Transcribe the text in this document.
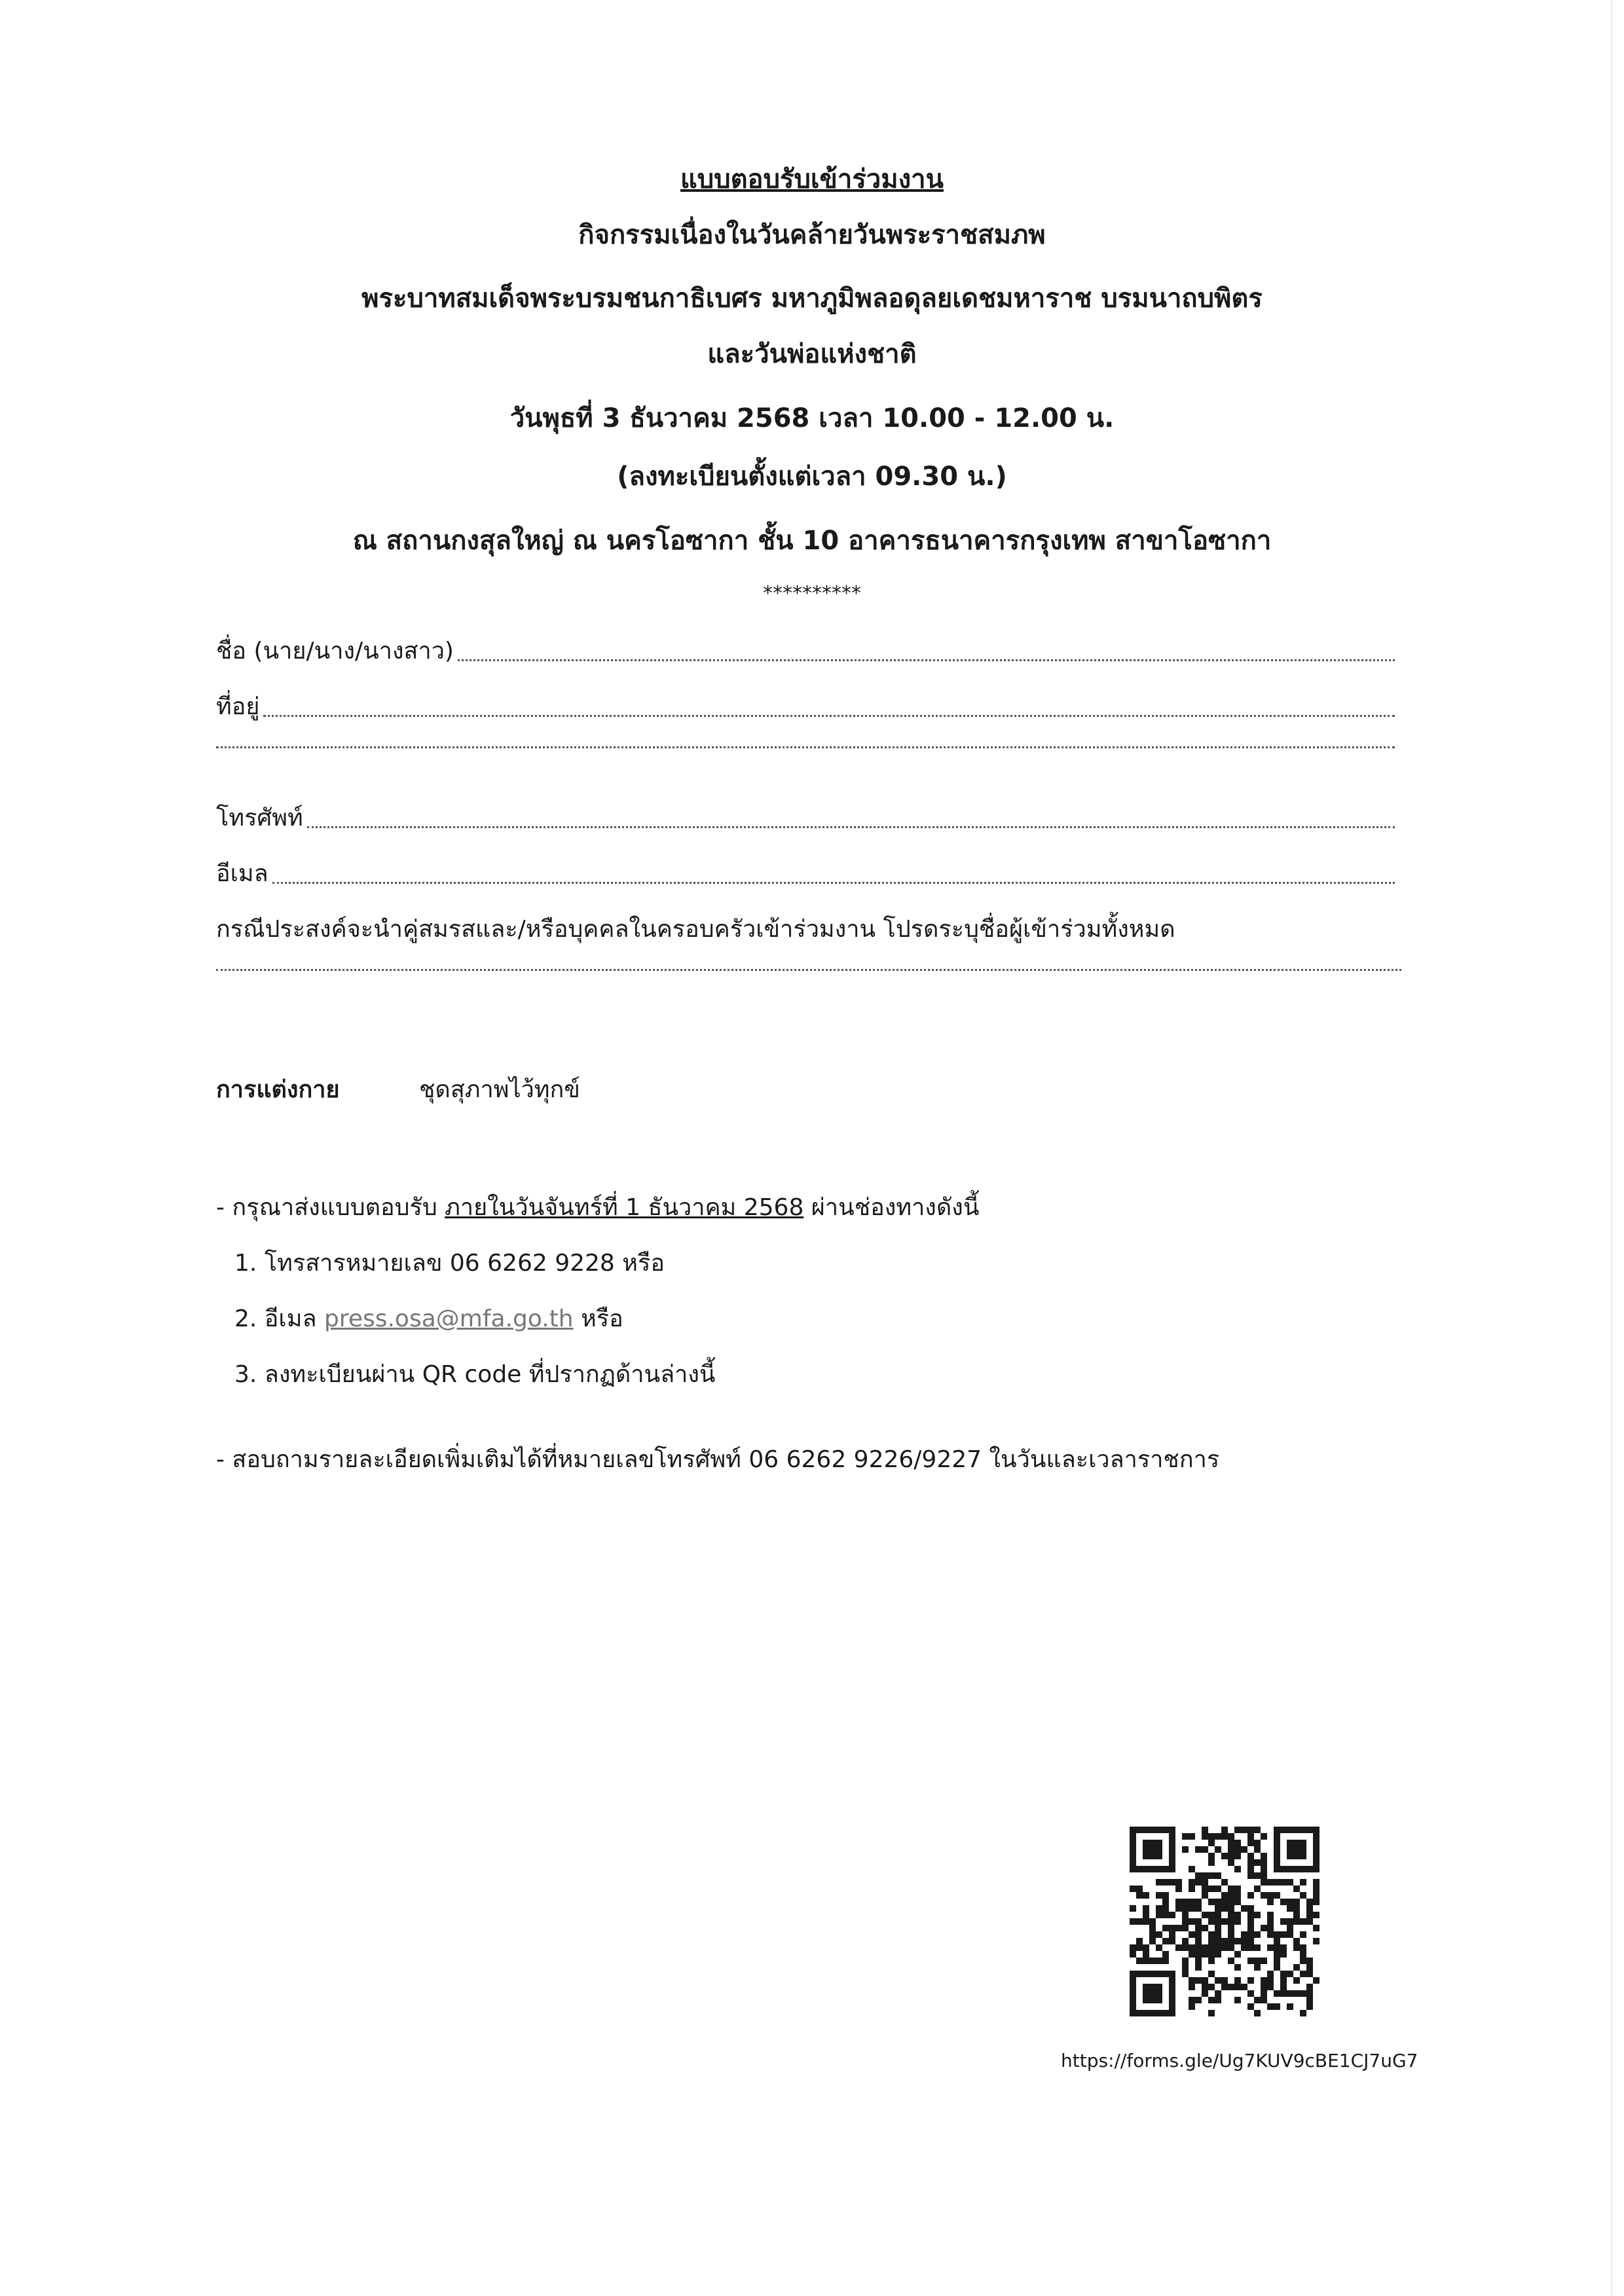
แบบตอบรับเข้าร่วมงาน
กิจกรรมเนื่องในวันคล้ายวันพระราชสมภพ
พระบาทสมเด็จพระบรมชนกาธิเบศร มหาภูมิพลอดุลยเดชมหาราช บรมนาถบพิตร
และวันพ่อแห่งชาติ
วันพุธที่ 3 ธันวาคม 2568 เวลา 10.00 - 12.00 น.
(ลงทะเบียนตั้งแต่เวลา 09.30 น.)
ณ สถานกงสุลใหญ่ ณ นครโอซากา ชั้น 10 อาคารธนาคารกรุงเทพ สาขาโอซากา
**********
ชื่อ (นาย/นาง/นางสาว)
ที่อยู่
โทรศัพท์
อีเมล
กรณีประสงค์จะนำคู่สมรสและ/หรือบุคคลในครอบครัวเข้าร่วมงาน โปรดระบุชื่อผู้เข้าร่วมทั้งหมด
การแต่งกาย	ชุดสุภาพไว้ทุกข์
- กรุณาส่งแบบตอบรับ ภายในวันจันทร์ที่ 1 ธันวาคม 2568 ผ่านช่องทางดังนี้
1. โทรสารหมายเลข 06 6262 9228 หรือ
2. อีเมล press.osa@mfa.go.th หรือ
3. ลงทะเบียนผ่าน QR code ที่ปรากฏด้านล่างนี้
- สอบถามรายละเอียดเพิ่มเติมได้ที่หมายเลขโทรศัพท์ 06 6262 9226/9227 ในวันและเวลาราชการ
https://forms.gle/Ug7KUV9cBE1CJ7uG7
